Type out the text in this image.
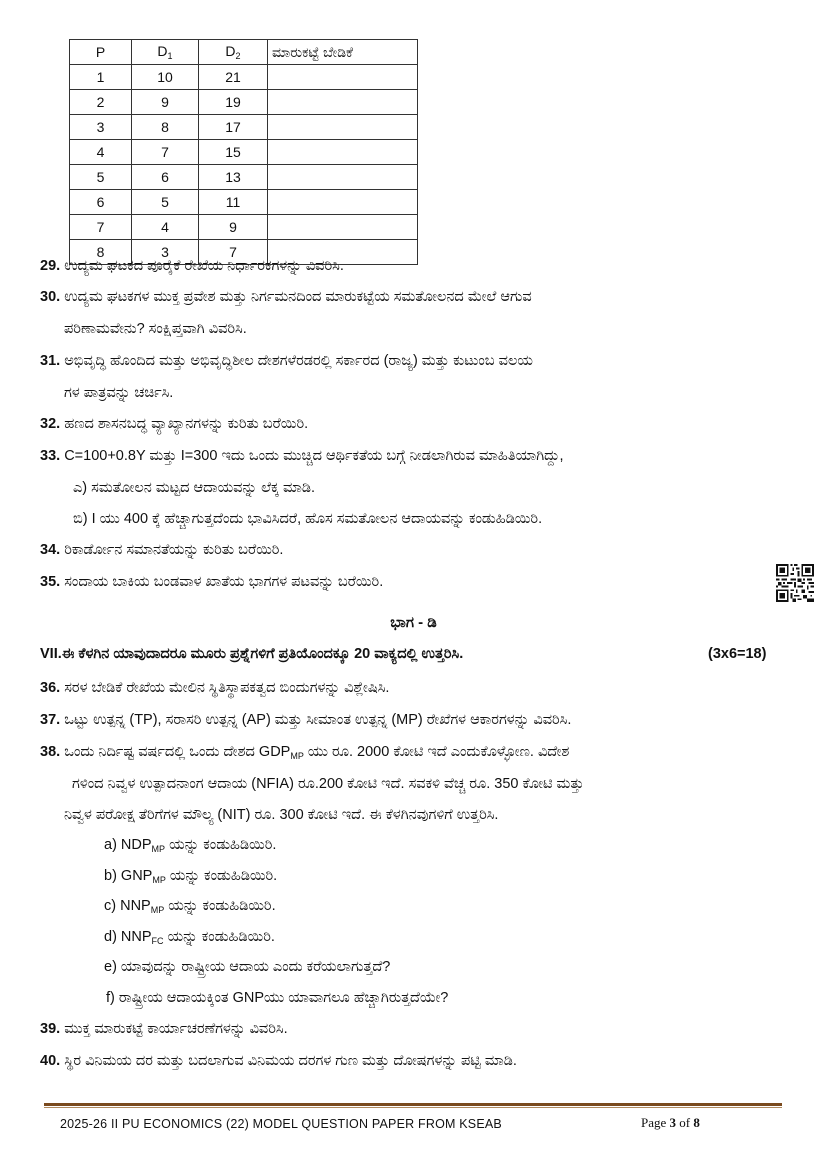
P	$D_1$	$D_2$	ಮಾರುಕಟ್ಟೆ ಬೇಡಿಕೆ
1	10	21	
2	9	19	
3	8	17	
4	7	15	
5	6	13	
6	5	11	
7	4	9	
8	3	7	
29. ಉದ್ಯಮ ಘಟಕದ ಪೂರೈಕೆ ರೇಖೆಯ ನಿರ್ಧಾರಕಗಳನ್ನು ವಿವರಿಸಿ.
30. ಉದ್ಯಮ ಘಟಕಗಳ ಮುಕ್ತ ಪ್ರವೇಶ ಮತ್ತು ನಿರ್ಗಮನದಿಂದ ಮಾರುಕಟ್ಟೆಯ ಸಮತೋಲನದ ಮೇಲೆ ಆಗುವ
ಪರಿಣಾಮವೇನು? ಸಂಕ್ಷಿಪ್ತವಾಗಿ ವಿವರಿಸಿ.
31. ಅಭಿವೃದ್ಧಿ ಹೊಂದಿದ ಮತ್ತು ಅಭಿವೃದ್ಧಿಶೀಲ ದೇಶಗಳೆರಡರಲ್ಲಿ ಸರ್ಕಾರದ (ರಾಜ್ಯ) ಮತ್ತು ಕುಟುಂಬ ವಲಯ
ಗಳ ಪಾತ್ರವನ್ನು ಚರ್ಚಿಸಿ.
32. ಹಣದ ಶಾಸನಬದ್ಧ ವ್ಯಾಖ್ಯಾನಗಳನ್ನು ಕುರಿತು ಬರೆಯಿರಿ.
33. C=100+0.8Y ಮತ್ತು I=300 ಇದು ಒಂದು ಮುಚ್ಚಿದ ಆರ್ಥಿಕತೆಯ ಬಗ್ಗೆ ನೀಡಲಾಗಿರುವ ಮಾಹಿತಿಯಾಗಿದ್ದು,
ಎ) ಸಮತೋಲನ ಮಟ್ಟದ ಆದಾಯವನ್ನು ಲೆಕ್ಕ ಮಾಡಿ.
ಬಿ) I ಯು 400 ಕ್ಕೆ ಹೆಚ್ಚಾಗುತ್ತದೆಂದು ಭಾವಿಸಿದರೆ, ಹೊಸ ಸಮತೋಲನ ಆದಾಯವನ್ನು ಕಂಡುಹಿಡಿಯಿರಿ.
34. ರಿಕಾರ್ಡೋನ ಸಮಾನತೆಯನ್ನು ಕುರಿತು ಬರೆಯಿರಿ.
35. ಸಂದಾಯ ಬಾಕಿಯ ಬಂಡವಾಳ ಖಾತೆಯ ಭಾಗಗಳ ಪಟವನ್ನು ಬರೆಯಿರಿ.
ಭಾಗ - ಡಿ
VII.ಈ ಕೆಳಗಿನ ಯಾವುದಾದರೂ ಮೂರು ಪ್ರಶ್ನೆಗಳಿಗೆ ಪ್ರತಿಯೊಂದಕ್ಕೂ 20 ವಾಕ್ಯದಲ್ಲಿ ಉತ್ತರಿಸಿ.	(3x6=18)
36. ಸರಳ ಬೇಡಿಕೆ ರೇಖೆಯ ಮೇಲಿನ ಸ್ಥಿತಿಸ್ಥಾಪಕತ್ವದ ಬಿಂದುಗಳನ್ನು ವಿಶ್ಲೇಷಿಸಿ.
37. ಒಟ್ಟು ಉತ್ಪನ್ನ (TP), ಸರಾಸರಿ ಉತ್ಪನ್ನ (AP) ಮತ್ತು ಸೀಮಾಂತ ಉತ್ಪನ್ನ (MP) ರೇಖೆಗಳ ಆಕಾರಗಳನ್ನು ವಿವರಿಸಿ.
38. ಒಂದು ನಿರ್ದಿಷ್ಟ ವರ್ಷದಲ್ಲಿ ಒಂದು ದೇಶದ $GDP_{MP}$ ಯು ರೂ. 2000 ಕೋಟಿ ಇದೆ ಎಂದುಕೊಳ್ಳೋಣ. ವಿದೇಶ
ಗಳಿಂದ ನಿವ್ವಳ ಉತ್ಪಾದನಾಂಗ ಆದಾಯ (NFIA) ರೂ.200 ಕೋಟಿ ಇದೆ. ಸವಕಳಿ ವೆಚ್ಚ ರೂ. 350 ಕೋಟಿ ಮತ್ತು
ನಿವ್ವಳ ಪರೋಕ್ಷ ತೆರಿಗೆಗಳ ಮೌಲ್ಯ (NIT) ರೂ. 300 ಕೋಟಿ ಇದೆ. ಈ ಕೆಳಗಿನವುಗಳಿಗೆ ಉತ್ತರಿಸಿ.
a) $NDP_{MP}$ ಯನ್ನು ಕಂಡುಹಿಡಿಯಿರಿ.
b) $GNP_{MP}$ ಯನ್ನು ಕಂಡುಹಿಡಿಯಿರಿ.
c) $NNP_{MP}$ ಯನ್ನು ಕಂಡುಹಿಡಿಯಿರಿ.
d) $NNP_{FC}$ ಯನ್ನು ಕಂಡುಹಿಡಿಯಿರಿ.
e) ಯಾವುದನ್ನು ರಾಷ್ಟ್ರೀಯ ಆದಾಯ ಎಂದು ಕರೆಯಲಾಗುತ್ತದೆ?
f) ರಾಷ್ಟ್ರೀಯ ಆದಾಯಕ್ಕಿಂತ GNPಯು ಯಾವಾಗಲೂ ಹೆಚ್ಚಾಗಿರುತ್ತದೆಯೇ?
39. ಮುಕ್ತ ಮಾರುಕಟ್ಟೆ ಕಾರ್ಯಾಚರಣೆಗಳನ್ನು ವಿವರಿಸಿ.
40. ಸ್ಥಿರ ವಿನಿಮಯ ದರ ಮತ್ತು ಬದಲಾಗುವ ವಿನಿಮಯ ದರಗಳ ಗುಣ ಮತ್ತು ದೋಷಗಳನ್ನು ಪಟ್ಟಿ ಮಾಡಿ.
2025-26 II PU ECONOMICS (22) MODEL QUESTION PAPER FROM KSEAB	Page 3 of 8
